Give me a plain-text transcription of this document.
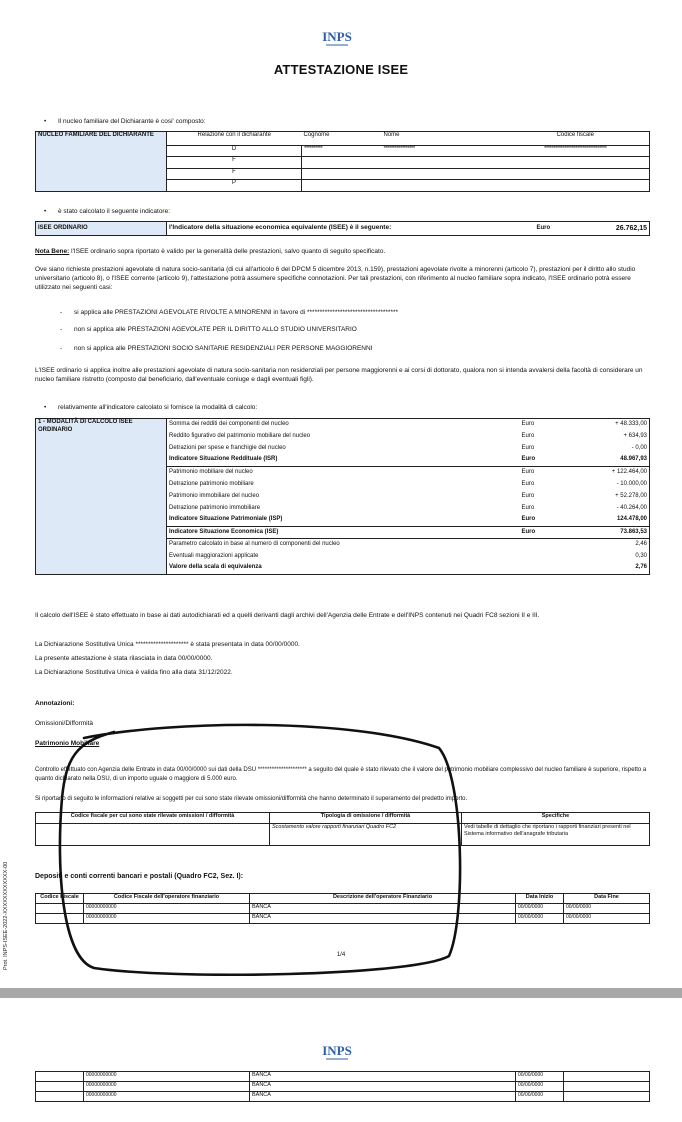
INPS
ATTESTAZIONE ISEE
• Il nucleo familiare del Dichiarante è cosi' composto:
NUCLEO FAMILIARE DEL DICHIARANTE	Relazione con il dichiarante	Cognome	Nome	Codice fiscale
	D	**********	*****************	**********************************
	F			
	F			
	P			
• è stato calcolato il seguente indicatore:
ISEE ORDINARIO	l'Indicatore della situazione economica equivalente (ISEE) è il seguente:	Euro	26.762,15
Nota Bene: l'ISEE ordinario sopra riportato è valido per la generalità delle prestazioni, salvo quanto di seguito specificato.
Ove siano richieste prestazioni agevolate di natura socio-sanitaria (di cui all'articolo 6 del DPCM 5 dicembre 2013, n.159), prestazioni agevolate rivolte a minorenni (articolo 7), prestazioni per il diritto allo studio universitario (articolo 8), o l'ISEE corrente (articolo 9), l'attestazione potrà assumere specifiche connotazioni. Per tali prestazioni, con riferimento al nucleo familiare sopra indicato, l'ISEE ordinario potrà essere utilizzato nei seguenti casi:
- si applica alle PRESTAZIONI AGEVOLATE RIVOLTE A MINORENNI in favore di ************************************
- non si applica alle PRESTAZIONI AGEVOLATE PER IL DIRITTO ALLO STUDIO UNIVERSITARIO
- non si applica alle PRESTAZIONI SOCIO SANITARIE RESIDENZIALI PER PERSONE MAGGIORENNI
L'ISEE ordinario si applica inoltre alle prestazioni agevolate di natura socio-sanitaria non residenziali per persone maggiorenni e ai corsi di dottorato, qualora non si intenda avvalersi della facoltà di considerare un nucleo familiare ristretto (composto dal beneficiario, dall'eventuale coniuge e dagli eventuali figli).
• relativamente all'indicatore calcolato si fornisce la modalità di calcolo:
1 - MODALITÀ DI CALCOLO ISEE ORDINARIO	Somma dei redditi dei componenti del nucleo	Euro	+ 48.333,00
	Reddito figurativo del patrimonio mobiliare del nucleo	Euro	+ 634,93
	Detrazioni per spese e franchigie del nucleo	Euro	- 0,00
	Indicatore Situazione Reddituale (ISR)	Euro	48.967,93
	Patrimonio mobiliare del nucleo	Euro	+ 122.464,00
	Detrazione patrimonio mobiliare	Euro	- 10.000,00
	Patrimonio immobiliare del nucleo	Euro	+ 52.278,00
	Detrazione patrimonio immobiliare	Euro	- 40.264,00
	Indicatore Situazione Patrimoniale (ISP)	Euro	124.478,00
	Indicatore Situazione Economica (ISE)	Euro	73.863,53
	Parametro calcolato in base al numero di componenti del nucleo		2,46
	Eventuali maggiorazioni applicate		0,30
	Valore della scala di equivalenza		2,76
Il calcolo dell'ISEE è stato effettuato in base ai dati autodichiarati ed a quelli derivanti dagli archivi dell'Agenzia delle Entrate e dell'INPS contenuti nei Quadri FC8 sezioni II e III.
La Dichiarazione Sostitutiva Unica ********************* è stata presentata in data 00/00/0000.
La presente attestazione è stata rilasciata in data 00/00/0000.
La Dichiarazione Sostitutiva Unica è valida fino alla data 31/12/2022.
Annotazioni:
Omissioni/Difformità
Patrimonio Mobiliare
Controllo effettuato con Agenzia delle Entrate in data 00/00/0000 sui dati della DSU ********************* a seguito del quale è stato rilevato che il valore del patrimonio mobiliare complessivo del nucleo familiare è superiore, rispetto a quanto dichiarato nella DSU, di un importo uguale o maggiore di 5.000 euro.
Si riportano di seguito le informazioni relative ai soggetti per cui sono state rilevate omissioni/difformità che hanno determinato il superamento del predetto importo.
Codice fiscale per cui sono state rilevate omissioni / difformità	Tipologia di omissione / difformità	Specifiche
	Scostamento valore rapporti finanziari Quadro FC2	Vedi tabelle di dettaglio che riportano i rapporti finanziari presenti nel Sistema informativo dell'anagrafe tributaria
Depositi e conti correnti bancari e postali (Quadro FC2, Sez. I):
Codice Fiscale	Codice Fiscale dell'operatore finanziario	Descrizione dell'operatore Finanziario	Data Inizio	Data Fine
	00000000000	BANCA	00/00/0000	00/00/0000
	00000000000	BANCA	00/00/0000	00/00/0000
1/4
Prot. INPS-ISEE-2022-XXXXXXXXXXXX-00
INPS
	00000000000	BANCA	00/00/0000	
	00000000000	BANCA	00/00/0000	
	00000000000	BANCA	00/00/0000	
